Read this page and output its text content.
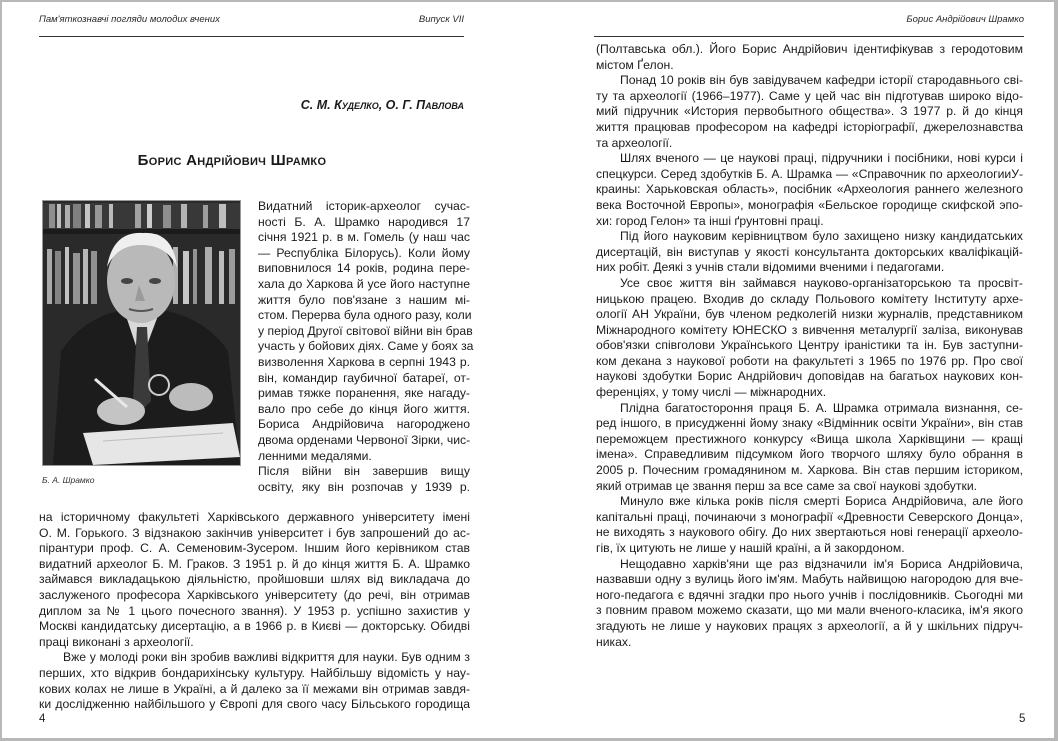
Пам'яткознавчі погляди молодих вчених	Випуск VII
С. М. Куделко, О. Г. Павлова
Борис Андрійович Шрамко
Б. А. Шрамко
Видатний історик-археолог сучас-
ності Б. А. Шрамко народився 17
січня 1921 р. в м. Гомель (у наш час
— Республіка Білорусь). Коли йому
виповнилося 14 років, родина пере-
хала до Харкова й усе його наступне
життя було пов'язане з нашим мі-
стом. Перерва була одного разу, коли
у період Другої світової війни він брав
участь у бойових діях. Саме у боях за
визволення Харкова в серпні 1943 р.
він, командир гаубичної батареї, от-
римав тяжке поранення, яке нагаду-
вало про себе до кінця його життя.
Бориса Андрійовича нагороджено
двома орденами Червоної Зірки, чис-
ленними медалями.
Після війни він завершив вищу
освіту, яку він розпочав у 1939 р.
на історичному факультеті Харківського державного університету імені
О. М. Горького. З відзнакою закінчив університет і був запрошений до ас-
пірантури проф. С. А. Семеновим-Зусером. Іншим його керівником став
видатний археолог Б. М. Граков. З 1951 р. й до кінця життя Б. А. Шрамко
займався викладацькою діяльністю, пройшовши шлях від викладача до
заслуженого професора Харківського університету (до речі, він отримав
диплом за № 1 цього почесного звання). У 1953 р. успішно захистив у
Москві кандидатську дисертацію, а в 1966 р. в Києві — докторську. Обидві
праці виконані з археології.
Вже у молоді роки він зробив важливі відкриття для науки. Був одним з
перших, хто відкрив бондарихінську культуру. Найбільшу відомість у нау-
кових колах не лише в Україні, а й далеко за її межами він отримав завдя-
ки дослідженню найбільшого у Європі для свого часу Більського городища
4
Борис Андрійович Шрамко
(Полтавська обл.). Його Борис Андрійович ідентифікував з геродотовим
містом Ґелон.
Понад 10 років він був завідувачем кафедри історії стародавнього сві-
ту та археології (1966–1977). Саме у цей час він підготував широко відо-
мий підручник «История первобытного общества». З 1977 р. й до кінця
життя працював професором на кафедрі історіографії, джерелознавства
та археології.
Шлях вченого — це наукові праці, підручники і посібники, нові курси і
спецкурси. Серед здобутків Б. А. Шрамка — «Справочник по археологииУ-
краины: Харьковская область», посібник «Археология раннего железного
века Восточной Европы», монографія «Бельское городище скифской эпо-
хи: город Гелон» та інші ґрунтовні праці.
Під його науковим керівництвом було захищено низку кандидатських
дисертацій, він виступав у якості консультанта докторських кваліфікацій-
них робіт. Деякі з учнів стали відомими вченими і педагогами.
Усе своє життя він займався науково-організаторською та просвіт-
ницькою працею. Входив до складу Польового комітету Інституту архе-
ології АН України, був членом редколегій низки журналів, представником
Міжнародного комітету ЮНЕСКО з вивчення металургії заліза, виконував
обов'язки співголови Українського Центру іраністики та ін. Був заступни-
ком декана з наукової роботи на факультеті з 1965 по 1976 рр. Про свої
наукові здобутки Борис Андрійович доповідав на багатьох наукових кон-
ференціях, у тому числі — міжнародних.
Плідна багатостороння праця Б. А. Шрамка отримала визнання, се-
ред іншого, в присудженні йому знаку «Відмінник освіти України», він став
переможцем престижного конкурсу «Вища школа Харківщини — кращі
імена». Справедливим підсумком його творчого шляху було обрання в
2005 р. Почесним громадянином м. Харкова. Він став першим істориком,
який отримав це звання перш за все саме за свої наукові здобутки.
Минуло вже кілька років після смерті Бориса Андрійовича, але його
капітальні праці, починаючи з монографії «Древности Северского Донца»,
не виходять з наукового обігу. До них звертаються нові генерації археоло-
гів, їх цитують не лише у нашій країні, а й закордоном.
Нещодавно харків'яни ще раз відзначили ім'я Бориса Андрійовича,
назвавши одну з вулиць його ім'ям. Мабуть найвищою нагородою для вче-
ного-педагога є вдячні згадки про нього учнів і послідовників. Сьогодні ми
з повним правом можемо сказати, що ми мали вченого-класика, ім'я якого
згадують не лише у наукових працях з археології, а й у шкільних підруч-
никах.
5
